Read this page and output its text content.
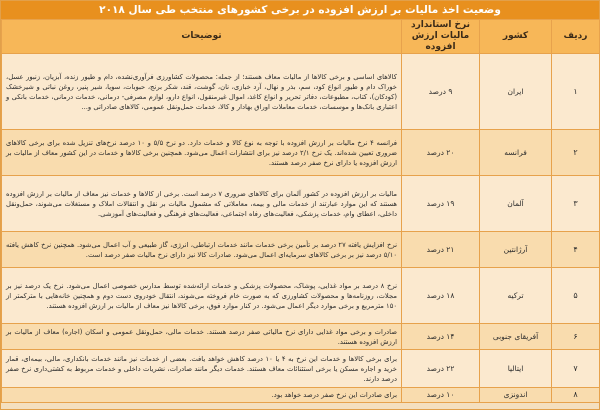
وضعیت اخذ مالیات بر ارزش افزوده در برخی کشورهای منتخب طی سال ۲۰۱۸
ردیف	کشور	نرخ استاندارد مالیات ارزش افزوده	توضیحات
۱	ایران	۹ درصد	کالاهای اساسی و برخی کالاها از مالیات معاف هستند؛ از جمله: محصولات کشاورزی فرآوری‌نشده، دام و طیور زنده، آبزیان، زنبور عسل، خوراک دام و طیور انواع کود، سم، بذر و نهال، آرد خبازی، نان، گوشت، قند، شکر برنج، حبوبات، سویا، شیر پنیر، روغن نباتی و شیرخشک (کودکان)، کتاب، مطبوعات، دفاتر تحریر و انواع کاغذ، اموال غیرمنقول، انواع دارو، لوازم مصرفی- درمانی، خدمات درمانی، خدمات بانکی و اعتباری بانک‌ها و موسسات، خدمات معاملات اوراق بهادار و کالا، خدمات حمل‌ونقل عمومی، کالاهای صادراتی و...
۲	فرانسه	۲۰ درصد	فرانسه ۴ نرخ مالیات بر ارزش افزوده با توجه به نوع کالا و خدمات دارد. دو نرخ ۵/۵ و ۱۰ درصد نرخ‌های تنزیل شده برای برخی کالاهای ضروری تعیین شده‌اند. یک نرخ ۲/۱ درصد نیز برای انتشارات اعمال می‌شود. همچنین برخی کالاها و خدمات در این کشور معاف از مالیات بر ارزش افزوده یا دارای نرخ صفر درصد هستند.
۳	آلمان	۱۹ درصد	مالیات بر ارزش افزوده در کشور آلمان برای کالاهای ضروری ۷ درصد است. برخی از کالاها و خدمات نیز معاف از مالیات بر ارزش افزوده هستند که این موارد عبارتند از خدمات مالی و بیمه، معاملاتی که مشمول مالیات بر نقل و انتقالات املاک و مستغلات می‌شوند، حمل‌ونقل داخلی، اعطای وام، خدمات پزشکی، فعالیت‌های رفاه اجتماعی، فعالیت‌های فرهنگی و فعالیت‌های آموزشی.
۴	آرژانتین	۲۱ درصد	نرخ افزایش یافته ۲۷ درصد بر تأمین برخی خدمات مانند خدمات ارتباطی، انرژی، گاز طبیعی و آب اعمال می‌شود. همچنین نرخ کاهش یافته ۵/۱۰ درصد نیز بر برخی کالاهای سرمایه‌ای اعمال می‌شود. صادرات کالا نیز دارای نرخ مالیات صفر درصد است.
۵	ترکیه	۱۸ درصد	نرخ ۸ درصد بر مواد غذایی، پوشاک، محصولات پزشکی و خدمات ارائه‌شده توسط مدارس خصوصی اعمال می‌شود. نرخ یک درصد نیز بر مجلات، روزنامه‌ها و محصولات کشاورزی که به صورت خام فروخته می‌شوند، انتقال خودروی دست دوم و همچنین خانه‌هایی با مترکمتر از ۱۵۰ مترمربع و برخی موارد دیگر اعمال می‌شود. در کنار موارد فوق، برخی کالاها نیز معاف از مالیات بر ارزش افزوده هستند.
۶	آفریقای جنوبی	۱۴ درصد	صادرات و برخی مواد غذایی دارای نرخ مالیاتی صفر درصد هستند. خدمات مالی، حمل‌ونقل عمومی و اسکان (اجاره) معاف از مالیات بر ارزش افزوده هستند.
۷	ایتالیا	۲۲ درصد	برای برخی کالاها و خدمات این نرخ به ۴ یا ۱۰ درصد کاهش خواهد یافت. بعضی از خدمات نیز مانند خدمات بانکداری، مالی، بیمه‌ای، قمار خرید و اجاره مسکن یا برخی استثنائات معاف هستند. خدمات دیگر مانند صادرات، نشریات داخلی و خدمات مربوط به کشتی‌داری نرخ صفر درصد دارند.
۸	اندونزی	۱۰ درصد	برای صادرات این نرخ صفر درصد خواهد بود.
